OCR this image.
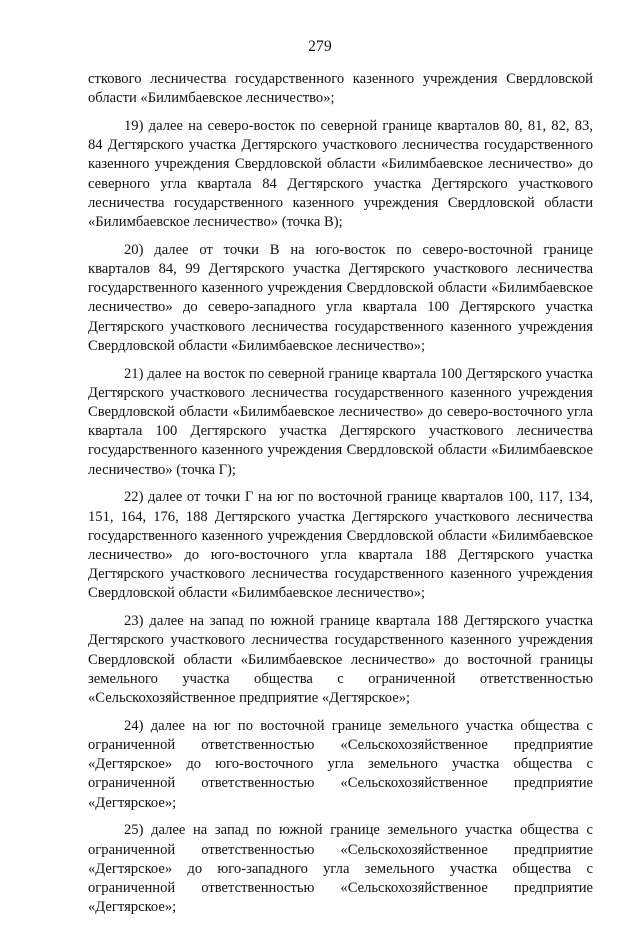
279

сткового лесничества государственного казенного учреждения Свердловской области «Билимбаевское лесничество»;

19) далее на северо-восток по северной границе кварталов 80, 81, 82, 83, 84 Дегтярского участка Дегтярского участкового лесничества государственного казенного учреждения Свердловской области «Билимбаевское лесничество» до северного угла квартала 84 Дегтярского участка Дегтярского участкового лесничества государственного казенного учреждения Свердловской области «Билимбаевское лесничество» (точка В);

20) далее от точки В на юго-восток по северо-восточной границе кварталов 84, 99 Дегтярского участка Дегтярского участкового лесничества государственного казенного учреждения Свердловской области «Билимбаевское лесничество» до северо-западного угла квартала 100 Дегтярского участка Дегтярского участкового лесничества государственного казенного учреждения Свердловской области «Билимбаевское лесничество»;

21) далее на восток по северной границе квартала 100 Дегтярского участка Дегтярского участкового лесничества государственного казенного учреждения Свердловской области «Билимбаевское лесничество» до северо-восточного угла квартала 100 Дегтярского участка Дегтярского участкового лесничества государственного казенного учреждения Свердловской области «Билимбаевское лесничество» (точка Г);

22) далее от точки Г на юг по восточной границе кварталов 100, 117, 134, 151, 164, 176, 188 Дегтярского участка Дегтярского участкового лесничества государственного казенного учреждения Свердловской области «Билимбаевское лесничество» до юго-восточного угла квартала 188 Дегтярского участка Дегтярского участкового лесничества государственного казенного учреждения Свердловской области «Билимбаевское лесничество»;

23) далее на запад по южной границе квартала 188 Дегтярского участка Дегтярского участкового лесничества государственного казенного учреждения Свердловской области «Билимбаевское лесничество» до восточной границы земельного участка общества с ограниченной ответственностью «Сельскохозяйственное предприятие «Дегтярское»;

24) далее на юг по восточной границе земельного участка общества с ограниченной ответственностью «Сельскохозяйственное предприятие «Дегтярское» до юго-восточного угла земельного участка общества с ограниченной ответственностью «Сельскохозяйственное предприятие «Дегтярское»;

25) далее на запад по южной границе земельного участка общества с ограниченной ответственностью «Сельскохозяйственное предприятие «Дегтярское» до юго-западного угла земельного участка общества с ограниченной ответственностью «Сельскохозяйственное предприятие «Дегтярское»;
